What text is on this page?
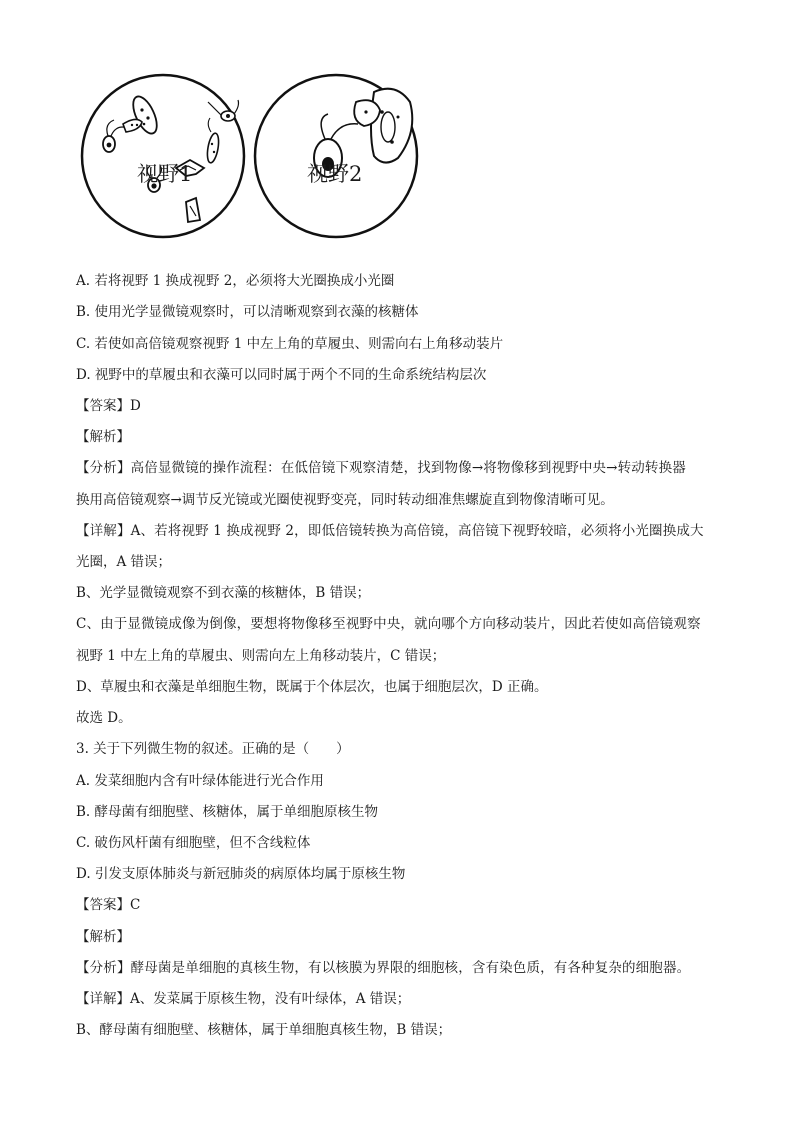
视野1	视野2
A. 若将视野 1 换成视野 2，必须将大光圈换成小光圈
B. 使用光学显微镜观察时，可以清晰观察到衣藻的核糖体
C. 若使如高倍镜观察视野 1 中左上角的草履虫、则需向右上角移动装片
D. 视野中的草履虫和衣藻可以同时属于两个不同的生命系统结构层次
【答案】D
【解析】
【分析】高倍显微镜的操作流程：在低倍镜下观察清楚，找到物像→将物像移到视野中央→转动转换器
换用高倍镜观察→调节反光镜或光圈使视野变亮，同时转动细准焦螺旋直到物像清晰可见。
【详解】A、若将视野 1 换成视野 2，即低倍镜转换为高倍镜，高倍镜下视野较暗，必须将小光圈换成大
光圈，A 错误；
B、光学显微镜观察不到衣藻的核糖体，B 错误；
C、由于显微镜成像为倒像，要想将物像移至视野中央，就向哪个方向移动装片，因此若使如高倍镜观察
视野 1 中左上角的草履虫、则需向左上角移动装片，C 错误；
D、草履虫和衣藻是单细胞生物，既属于个体层次，也属于细胞层次，D 正确。
故选 D。
3. 关于下列微生物的叙述。正确的是（　　）
A. 发菜细胞内含有叶绿体能进行光合作用
B. 酵母菌有细胞壁、核糖体，属于单细胞原核生物
C. 破伤风杆菌有细胞壁，但不含线粒体
D. 引发支原体肺炎与新冠肺炎的病原体均属于原核生物
【答案】C
【解析】
【分析】酵母菌是单细胞的真核生物，有以核膜为界限的细胞核，含有染色质，有各种复杂的细胞器。
【详解】A、发菜属于原核生物，没有叶绿体，A 错误；
B、酵母菌有细胞壁、核糖体，属于单细胞真核生物，B 错误；
